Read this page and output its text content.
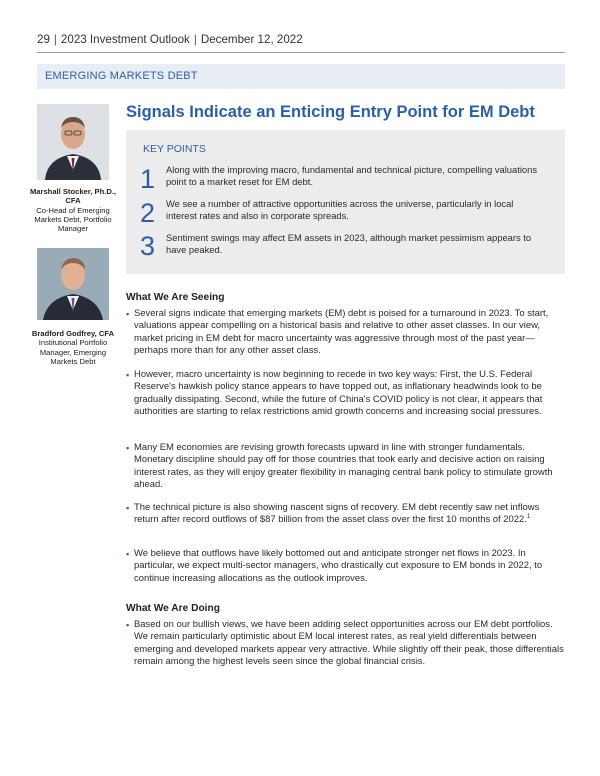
29 | 2023 Investment Outlook | December 12, 2022
EMERGING MARKETS DEBT
Marshall Stocker, Ph.D., CFA
Co-Head of Emerging Markets Debt, Portfolio Manager
Bradford Godfrey, CFA
Institutional Portfolio Manager, Emerging Markets Debt
Signals Indicate an Enticing Entry Point for EM Debt
KEY POINTS
1 Along with the improving macro, fundamental and technical picture, compelling valuations point to a market reset for EM debt.
2 We see a number of attractive opportunities across the universe, particularly in local interest rates and also in corporate spreads.
3 Sentiment swings may affect EM assets in 2023, although market pessimism appears to have peaked.
What We Are Seeing
▪ Several signs indicate that emerging markets (EM) debt is poised for a turnaround in 2023. To start, valuations appear compelling on a historical basis and relative to other asset classes. In our view, market pricing in EM debt for macro uncertainty was aggressive through most of the past year—perhaps more than for any other asset class.
▪ However, macro uncertainty is now beginning to recede in two key ways: First, the U.S. Federal Reserve's hawkish policy stance appears to have topped out, as inflationary headwinds look to be gradually dissipating. Second, while the future of China's COVID policy is not clear, it appears that authorities are starting to relax restrictions amid growth concerns and increasing social pressures.
▪ Many EM economies are revising growth forecasts upward in line with stronger fundamentals. Monetary discipline should pay off for those countries that took early and decisive action on raising interest rates, as they will enjoy greater flexibility in managing central bank policy to stimulate growth ahead.
▪ The technical picture is also showing nascent signs of recovery. EM debt recently saw net inflows return after record outflows of $87 billion from the asset class over the first 10 months of 2022.$^1$
▪ We believe that outflows have likely bottomed out and anticipate stronger net flows in 2023. In particular, we expect multi-sector managers, who drastically cut exposure to EM bonds in 2022, to continue increasing allocations as the outlook improves.
What We Are Doing
▪ Based on our bullish views, we have been adding select opportunities across our EM debt portfolios. We remain particularly optimistic about EM local interest rates, as real yield differentials between emerging and developed markets appear very attractive. While slightly off their peak, those differentials remain among the highest levels seen since the global financial crisis.
